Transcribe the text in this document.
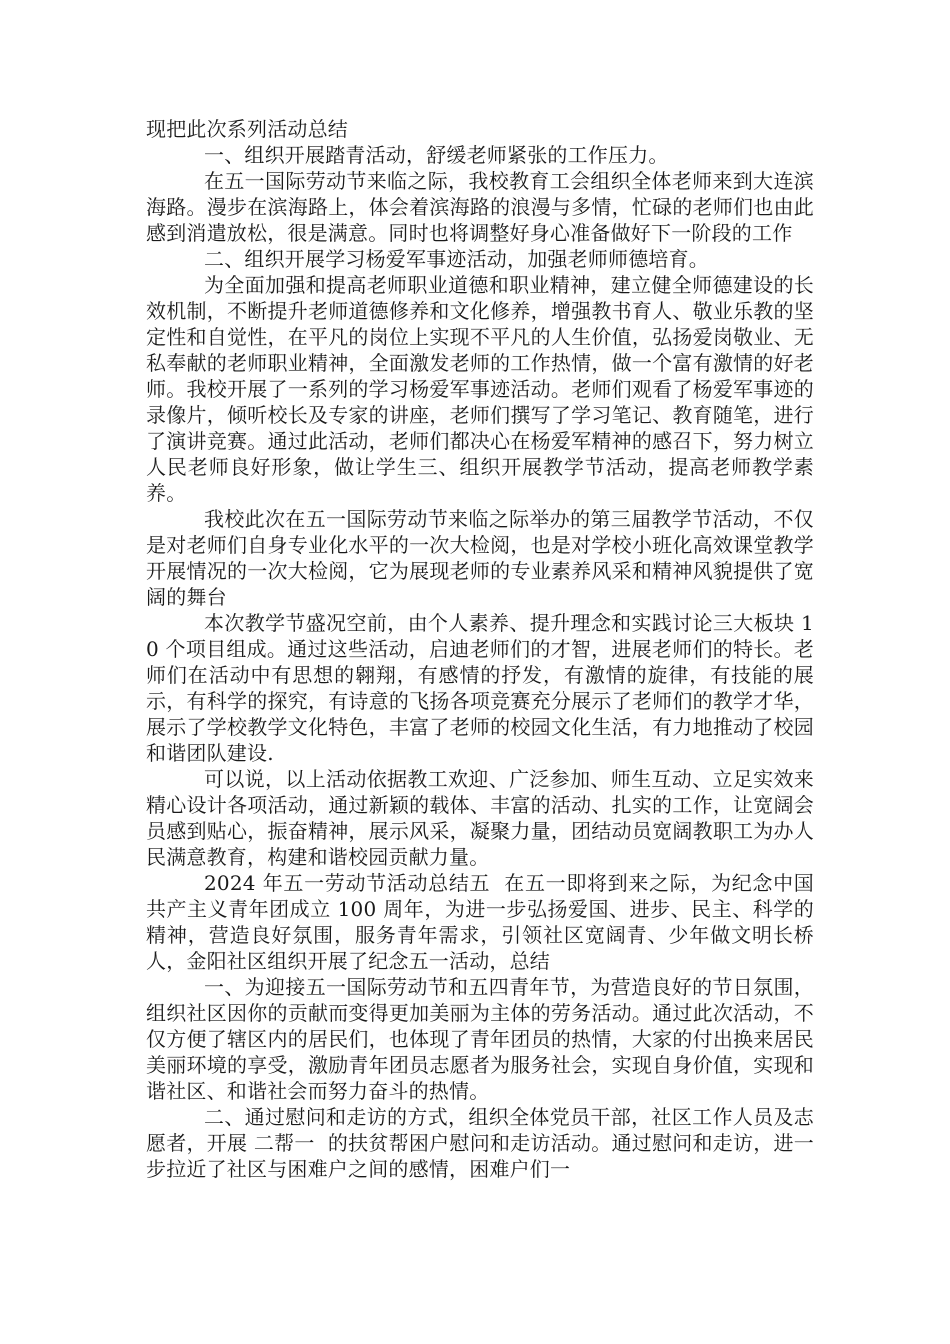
现把此次系列活动总结

一、组织开展踏青活动，舒缓老师紧张的工作压力。

在五一国际劳动节来临之际，我校教育工会组织全体老师来到大连滨海路。漫步在滨海路上，体会着滨海路的浪漫与多情，忙碌的老师们也由此感到消遣放松，很是满意。同时也将调整好身心准备做好下一阶段的工作

二、组织开展学习杨爱军事迹活动，加强老师师德培育。

为全面加强和提高老师职业道德和职业精神，建立健全师德建设的长效机制，不断提升老师道德修养和文化修养，增强教书育人、敬业乐教的坚定性和自觉性，在平凡的岗位上实现不平凡的人生价值，弘扬爱岗敬业、无私奉献的老师职业精神，全面激发老师的工作热情，做一个富有激情的好老师。我校开展了一系列的学习杨爱军事迹活动。老师们观看了杨爱军事迹的录像片，倾听校长及专家的讲座，老师们撰写了学习笔记、教育随笔，进行了演讲竞赛。通过此活动，老师们都决心在杨爱军精神的感召下，努力树立人民老师良好形象，做让学生三、组织开展教学节活动，提高老师教学素养。

我校此次在五一国际劳动节来临之际举办的第三届教学节活动，不仅是对老师们自身专业化水平的一次大检阅，也是对学校小班化高效课堂教学开展情况的一次大检阅，它为展现老师的专业素养风采和精神风貌提供了宽阔的舞台

本次教学节盛况空前，由个人素养、提升理念和实践讨论三大板块 10 个项目组成。通过这些活动，启迪老师们的才智，进展老师们的特长。老师们在活动中有思想的翱翔，有感情的抒发，有激情的旋律，有技能的展示，有科学的探究，有诗意的飞扬各项竞赛充分展示了老师们的教学才华，展示了学校教学文化特色，丰富了老师的校园文化生活，有力地推动了校园和谐团队建设.

可以说，以上活动依据教工欢迎、广泛参加、师生互动、立足实效来精心设计各项活动，通过新颖的载体、丰富的活动、扎实的工作，让宽阔会员感到贴心，振奋精神，展示风采，凝聚力量，团结动员宽阔教职工为办人民满意教育，构建和谐校园贡献力量。

2024 年五一劳动节活动总结五  在五一即将到来之际，为纪念中国共产主义青年团成立 100 周年，为进一步弘扬爱国、进步、民主、科学的精神，营造良好氛围，服务青年需求，引领社区宽阔青、少年做文明长桥人，金阳社区组织开展了纪念五一活动，总结

一、为迎接五一国际劳动节和五四青年节，为营造良好的节日氛围，组织社区因你的贡献而变得更加美丽为主体的劳务活动。通过此次活动，不仅方便了辖区内的居民们，也体现了青年团员的热情，大家的付出换来居民美丽环境的享受，激励青年团员志愿者为服务社会，实现自身价值，实现和谐社区、和谐社会而努力奋斗的热情。

二、通过慰问和走访的方式，组织全体党员干部，社区工作人员及志愿者，开展 二帮一  的扶贫帮困户慰问和走访活动。通过慰问和走访，进一步拉近了社区与困难户之间的感情，困难户们一
